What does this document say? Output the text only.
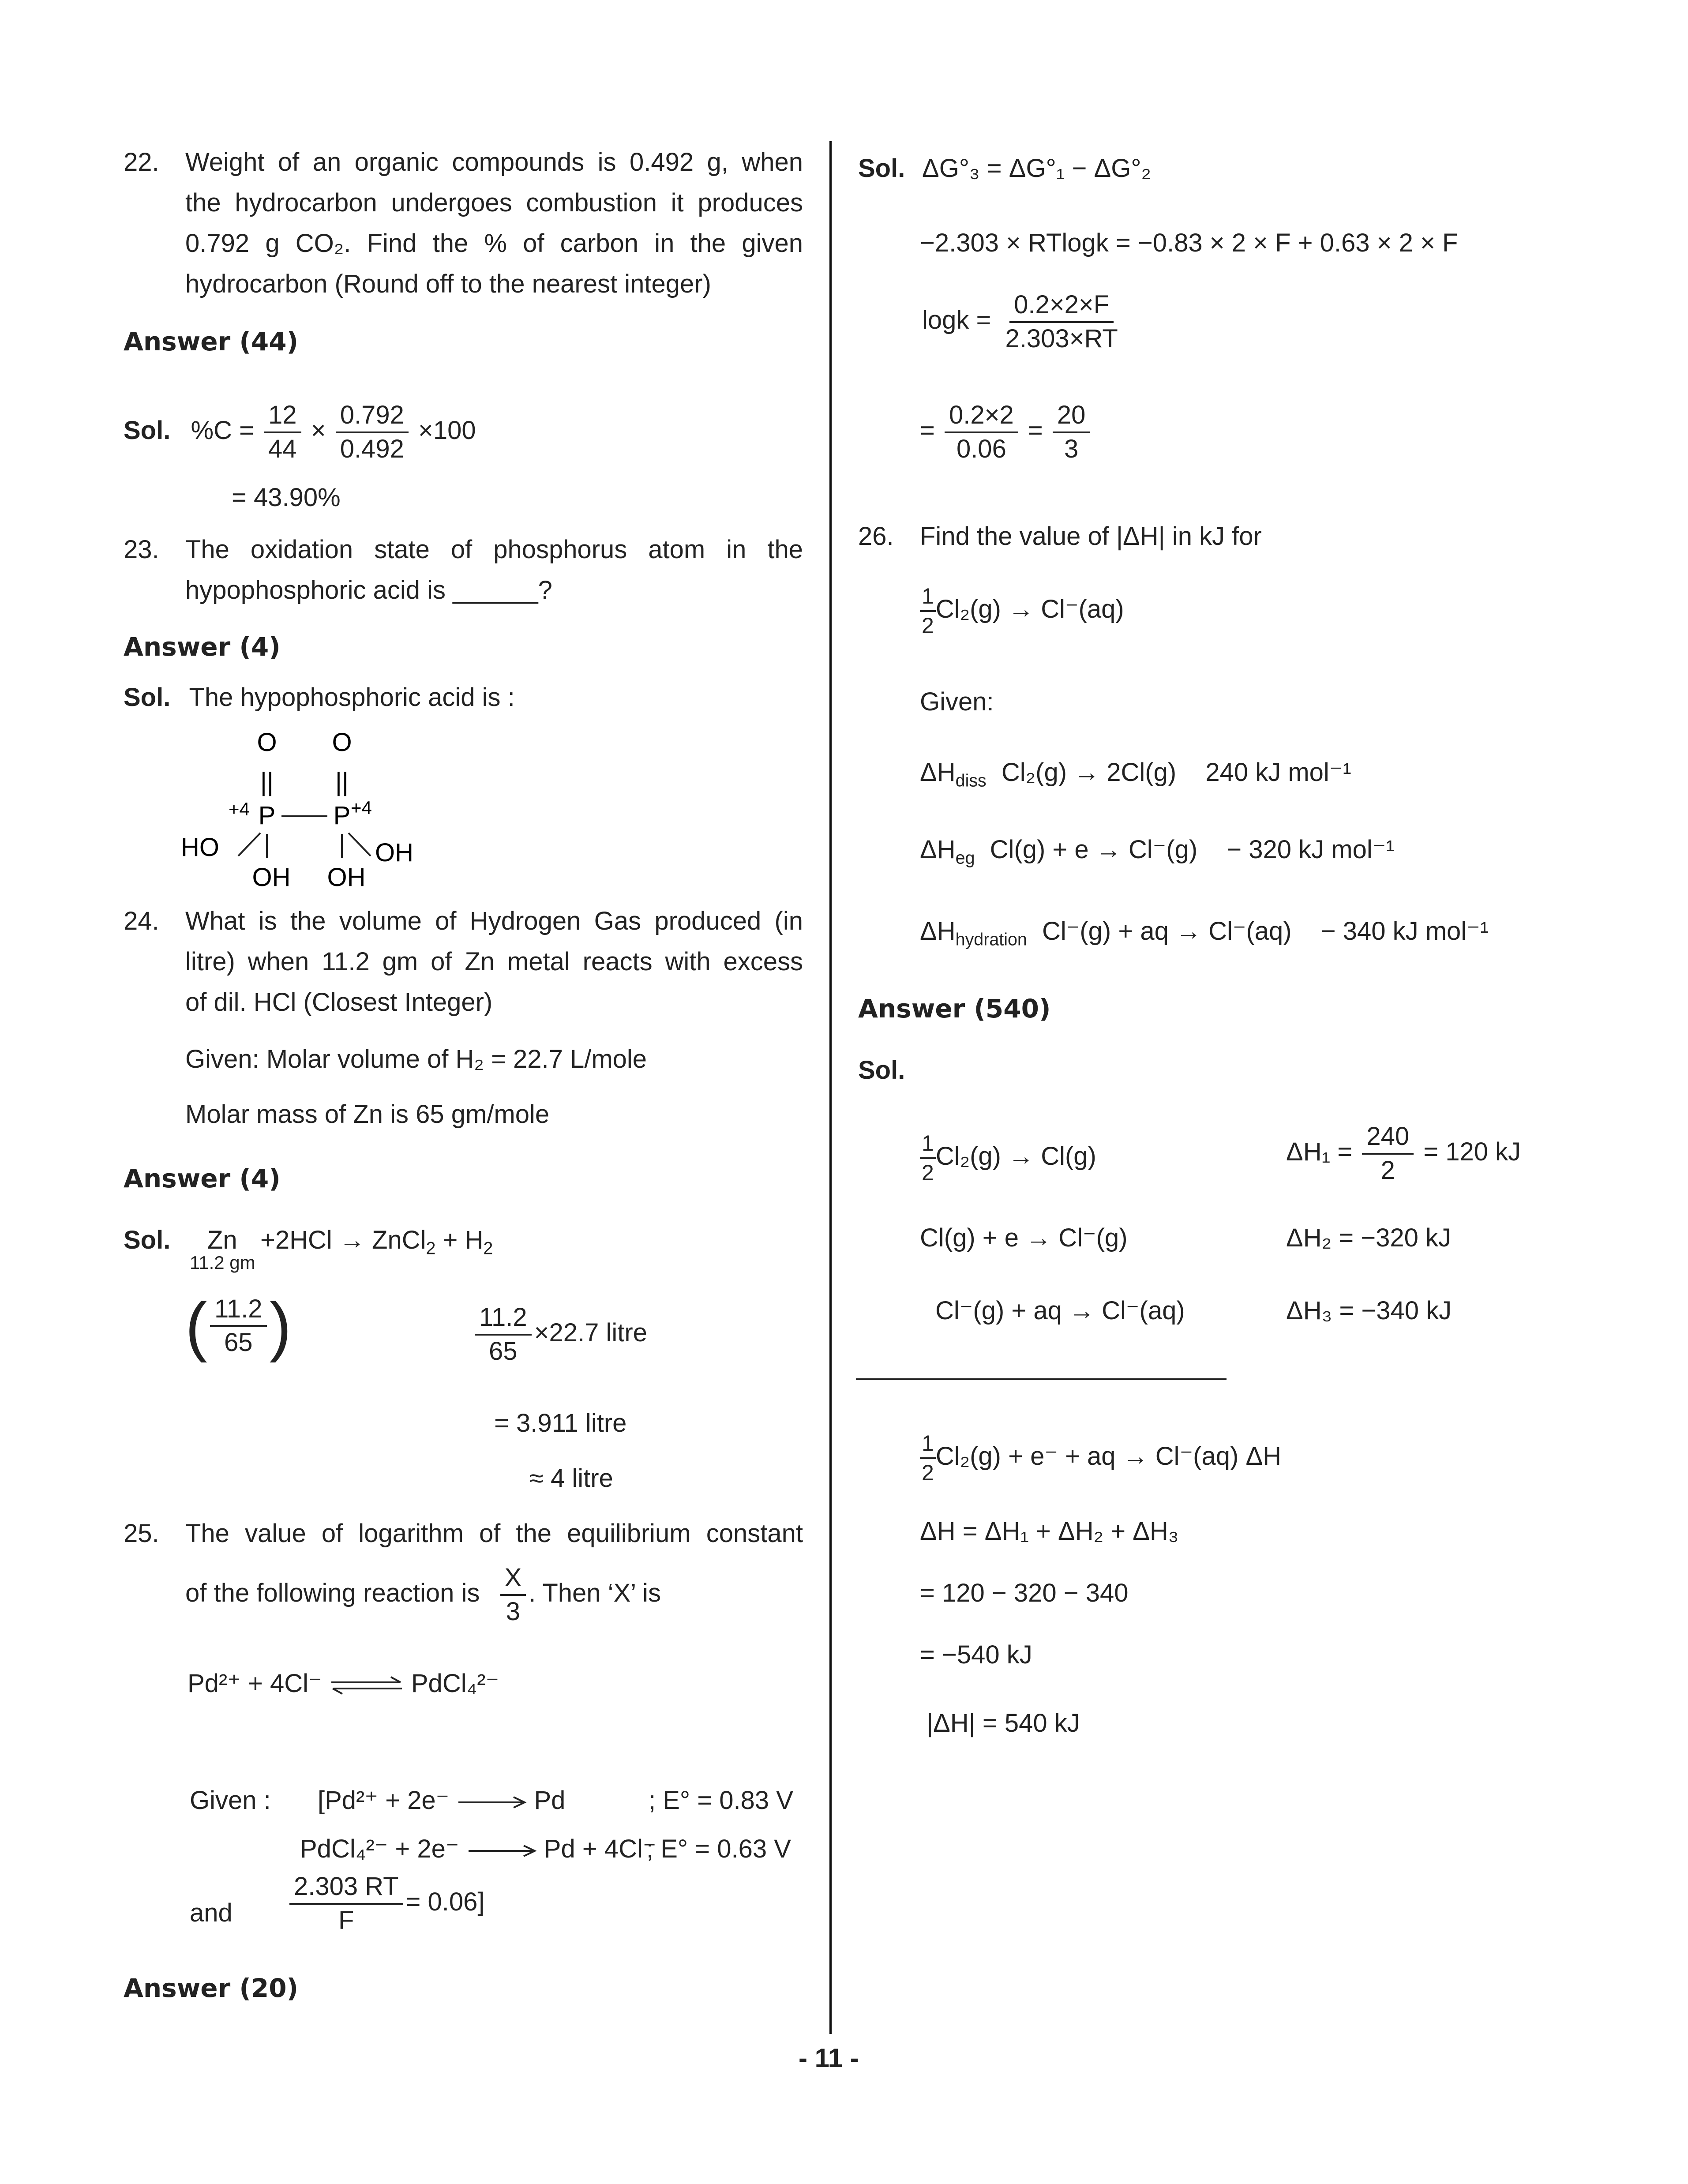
22. Weight of an organic compounds is 0.492 g, when
the hydrocarbon undergoes combustion it produces
0.792 g CO₂. Find the % of carbon in the given
hydrocarbon (Round off to the nearest integer)
Answer (44)
Sol. $\%C = \frac{12}{44} \times \frac{0.792}{0.492} \times 100$
= 43.90%
23. The oxidation state of phosphorus atom in the
hypophosphoric acid is ______?
Answer (4)
Sol. The hypophosphoric acid is :
O O
|| ||
+4 P P +4
HO	OH
OH OH
24. What is the volume of Hydrogen Gas produced (in
litre) when 11.2 gm of Zn metal reacts with excess
of dil. HCl (Closest Integer)
Given: Molar volume of H₂ = 22.7 L/mole
Molar mass of Zn is 65 gm/mole
Answer (4)
Sol. Zn
11.2 gm
+2HCl → ZnCl$_2$ + $H_2$
( $\frac{11.2}{65}$ )	$\frac{11.2}{65} \times 22.7$ litre
= 3.911 litre
≈ 4 litre
25. The value of logarithm of the equilibrium constant
of the following reaction is $\frac{X}{3}$ . Then ‘X’ is
Pd²⁺ + 4Cl⁻ ⇌ PdCl₄²⁻
Given : [Pd²⁺ + 2e⁻	Pd	; E° = 0.83 V
PdCl₄²⁻ + 2e⁻	Pd + 4Cl⁻
; E° = 0.63 V
and $\frac{2.303 RT}{F} = 0.06$]
Answer (20)
Sol. ΔG°₃ = ΔG°₁ − ΔG°₂
−2.303 × RTlogk = −0.83 × 2 × F + 0.63 × 2 × F
$\log k = \frac{0.2\times 2\times F}{2.303\times RT}$
= $\frac{0.2\times 2}{0.06} = \frac{20}{3}$
26. Find the value of |ΔH| in kJ for
$\frac{1}{2} Cl_2(g) \to Cl^-(aq)$
Given:
$\Delta H_{diss}$ Cl₂(g) → 2Cl(g) 240 kJ mol⁻¹
$\Delta H_{eg}$ Cl(g) + e → Cl⁻(g) − 320 kJ mol⁻¹
$\Delta H_{hydration}$ Cl⁻(g) + aq → Cl⁻(aq) − 340 kJ mol⁻¹
Answer (540)
Sol.
$\frac{1}{2} Cl_2(g) \to Cl(g)$	$\Delta H_1 = \frac{240}{2} = 120$ kJ
Cl(g) + e → Cl⁻(g)	ΔH₂ = −320 kJ
Cl⁻(g) + aq → Cl⁻(aq)	ΔH₃ = −340 kJ
$\frac{1}{2} Cl_2(g) + e^-$ + aq → Cl⁻(aq) ΔH
ΔH = ΔH₁ + ΔH₂ + ΔH₃
= 120 − 320 − 340
= −540 kJ
|ΔH| = 540 kJ
- 11 -
